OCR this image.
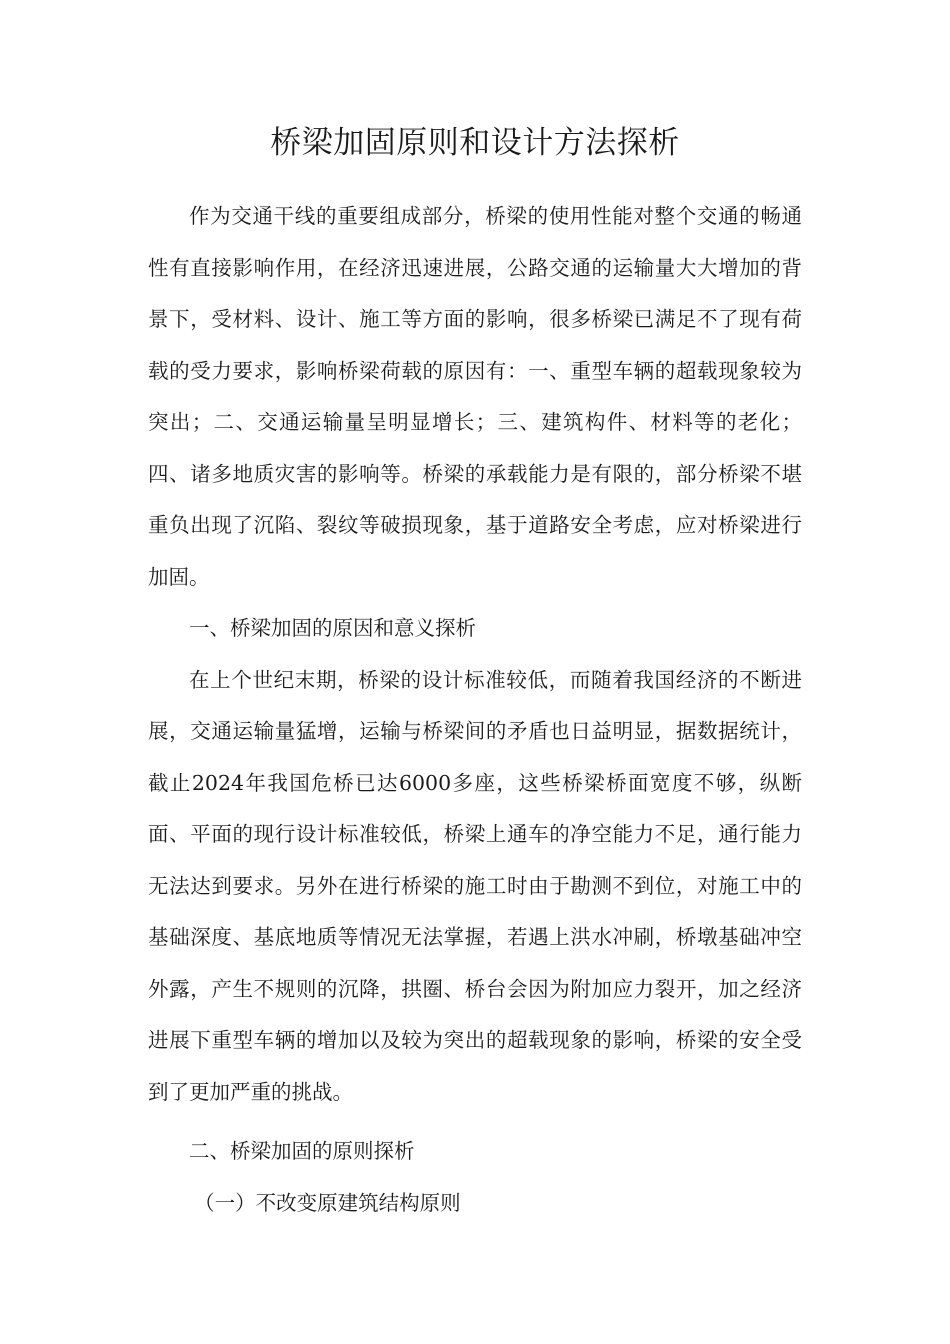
桥梁加固原则和设计方法探析

作为交通干线的重要组成部分，桥梁的使用性能对整个交通的畅通性有直接影响作用，在经济迅速进展，公路交通的运输量大大增加的背景下，受材料、设计、施工等方面的影响，很多桥梁已满足不了现有荷载的受力要求，影响桥梁荷载的原因有：一、重型车辆的超载现象较为突出；二、交通运输量呈明显增长；三、建筑构件、材料等的老化；四、诸多地质灾害的影响等。桥梁的承载能力是有限的，部分桥梁不堪重负出现了沉陷、裂纹等破损现象，基于道路安全考虑，应对桥梁进行加固。

一、桥梁加固的原因和意义探析

在上个世纪末期，桥梁的设计标准较低，而随着我国经济的不断进展，交通运输量猛增，运输与桥梁间的矛盾也日益明显，据数据统计，截止2024年我国危桥已达6000多座，这些桥梁桥面宽度不够，纵断面、平面的现行设计标准较低，桥梁上通车的净空能力不足，通行能力无法达到要求。另外在进行桥梁的施工时由于勘测不到位，对施工中的基础深度、基底地质等情况无法掌握，若遇上洪水冲刷，桥墩基础冲空外露，产生不规则的沉降，拱圈、桥台会因为附加应力裂开，加之经济进展下重型车辆的增加以及较为突出的超载现象的影响，桥梁的安全受到了更加严重的挑战。

二、桥梁加固的原则探析

（一）不改变原建筑结构原则
